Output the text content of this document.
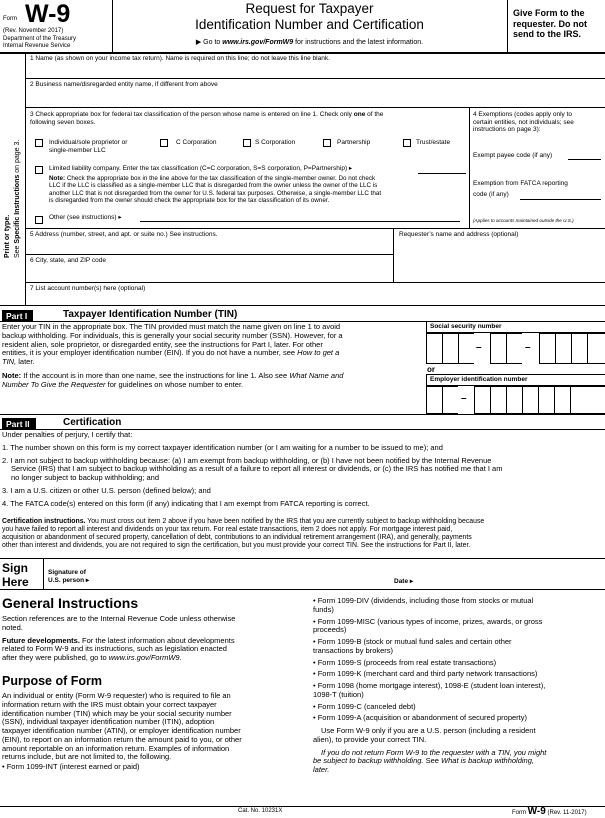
Form W-9
(Rev. November 2017)
Department of the Treasury
Internal Revenue Service
Request for Taxpayer
Identification Number and Certification
▶ Go to www.irs.gov/FormW9 for instructions and the latest information.
Give Form to the
requester. Do not
send to the IRS.
Print or type. See Specific Instructions on page 3.
1 Name (as shown on your income tax return). Name is required on this line; do not leave this line blank.
2 Business name/disregarded entity name, if different from above
3 Check appropriate box for federal tax classification of the person whose name is entered on line 1. Check only one of the
following seven boxes.
Individual/sole proprietor or
single-member LLC
C Corporation	S Corporation	Partnership	Trust/estate
Limited liability company. Enter the tax classification (C=C corporation, S=S corporation, P=Partnership) ▸
Note: Check the appropriate box in the line above for the tax classification of the single-member owner. Do not check
LLC if the LLC is classified as a single-member LLC that is disregarded from the owner unless the owner of the LLC is
another LLC that is not disregarded from the owner for U.S. federal tax purposes. Otherwise, a single-member LLC that
is disregarded from the owner should check the appropriate box for the tax classification of its owner.
Other (see instructions) ▸
4 Exemptions (codes apply only to
certain entities, not individuals; see
instructions on page 3):
Exempt payee code (if any)
Exemption from FATCA reporting
code (if any)
(Applies to accounts maintained outside the U.S.)
5 Address (number, street, and apt. or suite no.) See instructions.	Requester’s name and address (optional)
6 City, state, and ZIP code
7 List account number(s) here (optional)
Part I	Taxpayer Identification Number (TIN)
Enter your TIN in the appropriate box. The TIN provided must match the name given on line 1 to avoid
backup withholding. For individuals, this is generally your social security number (SSN). However, for a
resident alien, sole proprietor, or disregarded entity, see the instructions for Part I, later. For other
entities, it is your employer identification number (EIN). If you do not have a number, see How to get a
TIN, later.
Note: If the account is in more than one name, see the instructions for line 1. Also see What Name and
Number To Give the Requester for guidelines on whose number to enter.
Social security number
–	–
or
Employer identification number
–
Part II	Certification
Under penalties of perjury, I certify that:
1. The number shown on this form is my correct taxpayer identification number (or I am waiting for a number to be issued to me); and
2. I am not subject to backup withholding because: (a) I am exempt from backup withholding, or (b) I have not been notified by the Internal Revenue
Service (IRS) that I am subject to backup withholding as a result of a failure to report all interest or dividends, or (c) the IRS has notified me that I am
no longer subject to backup withholding; and
3. I am a U.S. citizen or other U.S. person (defined below); and
4. The FATCA code(s) entered on this form (if any) indicating that I am exempt from FATCA reporting is correct.
Certification instructions. You must cross out item 2 above if you have been notified by the IRS that you are currently subject to backup withholding because
you have failed to report all interest and dividends on your tax return. For real estate transactions, item 2 does not apply. For mortgage interest paid,
acquisition or abandonment of secured property, cancellation of debt, contributions to an individual retirement arrangement (IRA), and generally, payments
other than interest and dividends, you are not required to sign the certification, but you must provide your correct TIN. See the instructions for Part II, later.
Sign
Here
Signature of
U.S. person ▸	Date ▸
General Instructions
Section references are to the Internal Revenue Code unless otherwise
noted.
Future developments. For the latest information about developments
related to Form W-9 and its instructions, such as legislation enacted
after they were published, go to www.irs.gov/FormW9.
Purpose of Form
An individual or entity (Form W-9 requester) who is required to file an
information return with the IRS must obtain your correct taxpayer
identification number (TIN) which may be your social security number
(SSN), individual taxpayer identification number (ITIN), adoption
taxpayer identification number (ATIN), or employer identification number
(EIN), to report on an information return the amount paid to you, or other
amount reportable on an information return. Examples of information
returns include, but are not limited to, the following.
• Form 1099-INT (interest earned or paid)
• Form 1099-DIV (dividends, including those from stocks or mutual
funds)
• Form 1099-MISC (various types of income, prizes, awards, or gross
proceeds)
• Form 1099-B (stock or mutual fund sales and certain other
transactions by brokers)
• Form 1099-S (proceeds from real estate transactions)
• Form 1099-K (merchant card and third party network transactions)
• Form 1098 (home mortgage interest), 1098-E (student loan interest),
1098-T (tuition)
• Form 1099-C (canceled debt)
• Form 1099-A (acquisition or abandonment of secured property)
Use Form W-9 only if you are a U.S. person (including a resident
alien), to provide your correct TIN.
If you do not return Form W-9 to the requester with a TIN, you might
be subject to backup withholding. See What is backup withholding,
later.
Cat. No. 10231X	Form W-9 (Rev. 11-2017)
